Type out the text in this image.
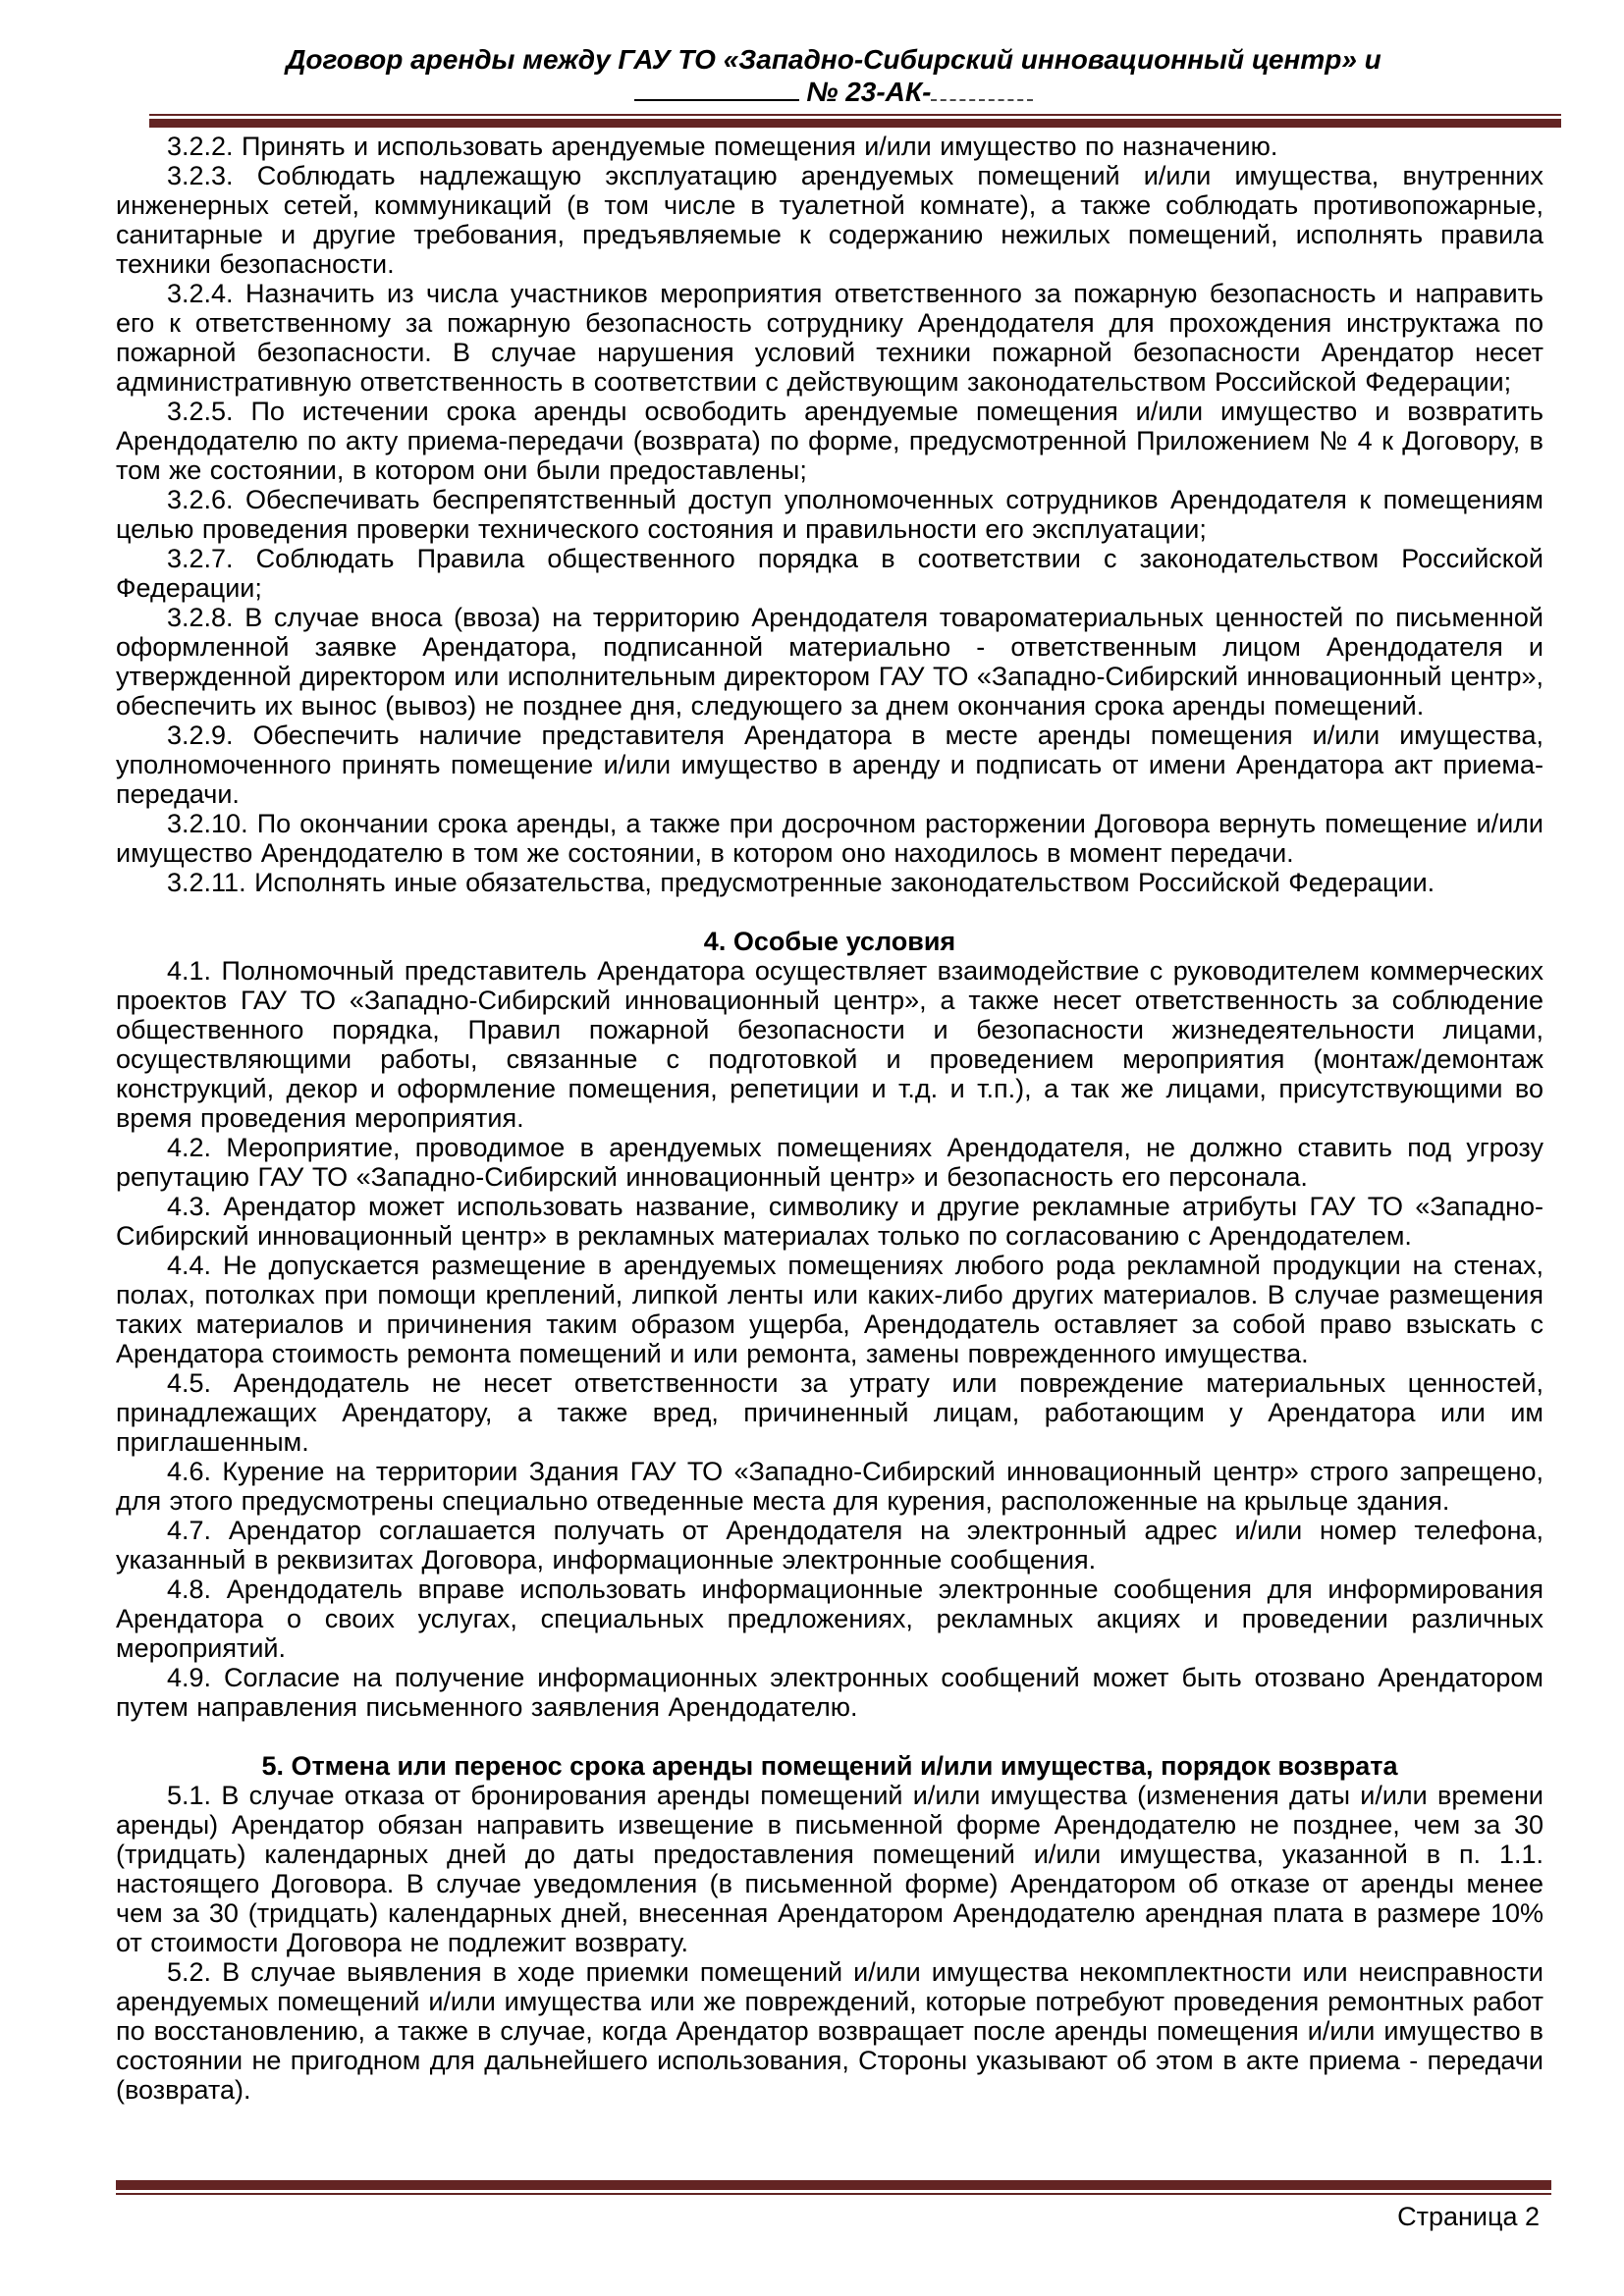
Договор аренды между ГАУ ТО «Западно-Сибирский инновационный центр» и
№ 23-АК-

3.2.2. Принять и использовать арендуемые помещения и/или имущество по назначению.

3.2.3. Соблюдать надлежащую эксплуатацию арендуемых помещений и/или имущества, внутренних инженерных сетей, коммуникаций (в том числе в туалетной комнате), а также соблюдать противопожарные, санитарные и другие требования, предъявляемые к содержанию нежилых помещений, исполнять правила техники безопасности.

3.2.4. Назначить из числа участников мероприятия ответственного за пожарную безопасность и направить его к ответственному за пожарную безопасность сотруднику Арендодателя для прохождения инструктажа по пожарной безопасности. В случае нарушения условий техники пожарной безопасности Арендатор несет административную ответственность в соответствии с действующим законодательством Российской Федерации;

3.2.5. По истечении срока аренды освободить арендуемые помещения и/или имущество и возвратить Арендодателю по акту приема-передачи (возврата) по форме, предусмотренной Приложением № 4 к Договору, в том же состоянии, в котором они были предоставлены;

3.2.6. Обеспечивать беспрепятственный доступ уполномоченных сотрудников Арендодателя к помещениям целью проведения проверки технического состояния и правильности его эксплуатации;

3.2.7. Соблюдать Правила общественного порядка в соответствии с законодательством Российской Федерации;

3.2.8. В случае вноса (ввоза) на территорию Арендодателя товароматериальных ценностей по письменной оформленной заявке Арендатора, подписанной материально - ответственным лицом Арендодателя и утвержденной директором или исполнительным директором ГАУ ТО «Западно-Сибирский инновационный центр», обеспечить их вынос (вывоз) не позднее дня, следующего за днем окончания срока аренды помещений.

3.2.9. Обеспечить наличие представителя Арендатора в месте аренды помещения и/или имущества, уполномоченного принять помещение и/или имущество в аренду и подписать от имени Арендатора акт приема-передачи.

3.2.10. По окончании срока аренды, а также при досрочном расторжении Договора вернуть помещение и/или имущество Арендодателю в том же состоянии, в котором оно находилось в момент передачи.

3.2.11. Исполнять иные обязательства, предусмотренные законодательством Российской Федерации.

4. Особые условия

4.1. Полномочный представитель Арендатора осуществляет взаимодействие с руководителем коммерческих проектов ГАУ ТО «Западно-Сибирский инновационный центр», а также несет ответственность за соблюдение общественного порядка, Правил пожарной безопасности и безопасности жизнедеятельности лицами, осуществляющими работы, связанные с подготовкой и проведением мероприятия (монтаж/демонтаж конструкций, декор и оформление помещения, репетиции и т.д. и т.п.), а так же лицами, присутствующими во время проведения мероприятия.

4.2. Мероприятие, проводимое в арендуемых помещениях Арендодателя, не должно ставить под угрозу репутацию ГАУ ТО «Западно-Сибирский инновационный центр» и безопасность его персонала.

4.3. Арендатор может использовать название, символику и другие рекламные атрибуты ГАУ ТО «Западно-Сибирский инновационный центр» в рекламных материалах только по согласованию с Арендодателем.

4.4. Не допускается размещение в арендуемых помещениях любого рода рекламной продукции на стенах, полах, потолках при помощи креплений, липкой ленты или каких-либо других материалов. В случае размещения таких материалов и причинения таким образом ущерба, Арендодатель оставляет за собой право взыскать с Арендатора стоимость ремонта помещений и или ремонта, замены поврежденного имущества.

4.5. Арендодатель не несет ответственности за утрату или повреждение материальных ценностей, принадлежащих Арендатору, а также вред, причиненный лицам, работающим у Арендатора или им приглашенным.

4.6. Курение на территории Здания ГАУ ТО «Западно-Сибирский инновационный центр» строго запрещено, для этого предусмотрены специально отведенные места для курения, расположенные на крыльце здания.

4.7. Арендатор соглашается получать от Арендодателя на электронный адрес и/или номер телефона, указанный в реквизитах Договора, информационные электронные сообщения.

4.8. Арендодатель вправе использовать информационные электронные сообщения для информирования Арендатора о своих услугах, специальных предложениях, рекламных акциях и проведении различных мероприятий.

4.9. Согласие на получение информационных электронных сообщений может быть отозвано Арендатором путем направления письменного заявления Арендодателю.

5. Отмена или перенос срока аренды помещений и/или имущества, порядок возврата

5.1. В случае отказа от бронирования аренды помещений и/или имущества (изменения даты и/или времени аренды) Арендатор обязан направить извещение в письменной форме Арендодателю не позднее, чем за 30 (тридцать) календарных дней до даты предоставления помещений и/или имущества, указанной в п. 1.1. настоящего Договора. В случае уведомления (в письменной форме) Арендатором об отказе от аренды менее чем за 30 (тридцать) календарных дней, внесенная Арендатором Арендодателю арендная плата в размере 10% от стоимости Договора не подлежит возврату.

5.2. В случае выявления в ходе приемки помещений и/или имущества некомплектности или неисправности арендуемых помещений и/или имущества или же повреждений, которые потребуют проведения ремонтных работ по восстановлению, а также в случае, когда Арендатор возвращает после аренды помещения и/или имущество в состоянии не пригодном для дальнейшего использования, Стороны указывают об этом в акте приема - передачи (возврата).

Страница 2
